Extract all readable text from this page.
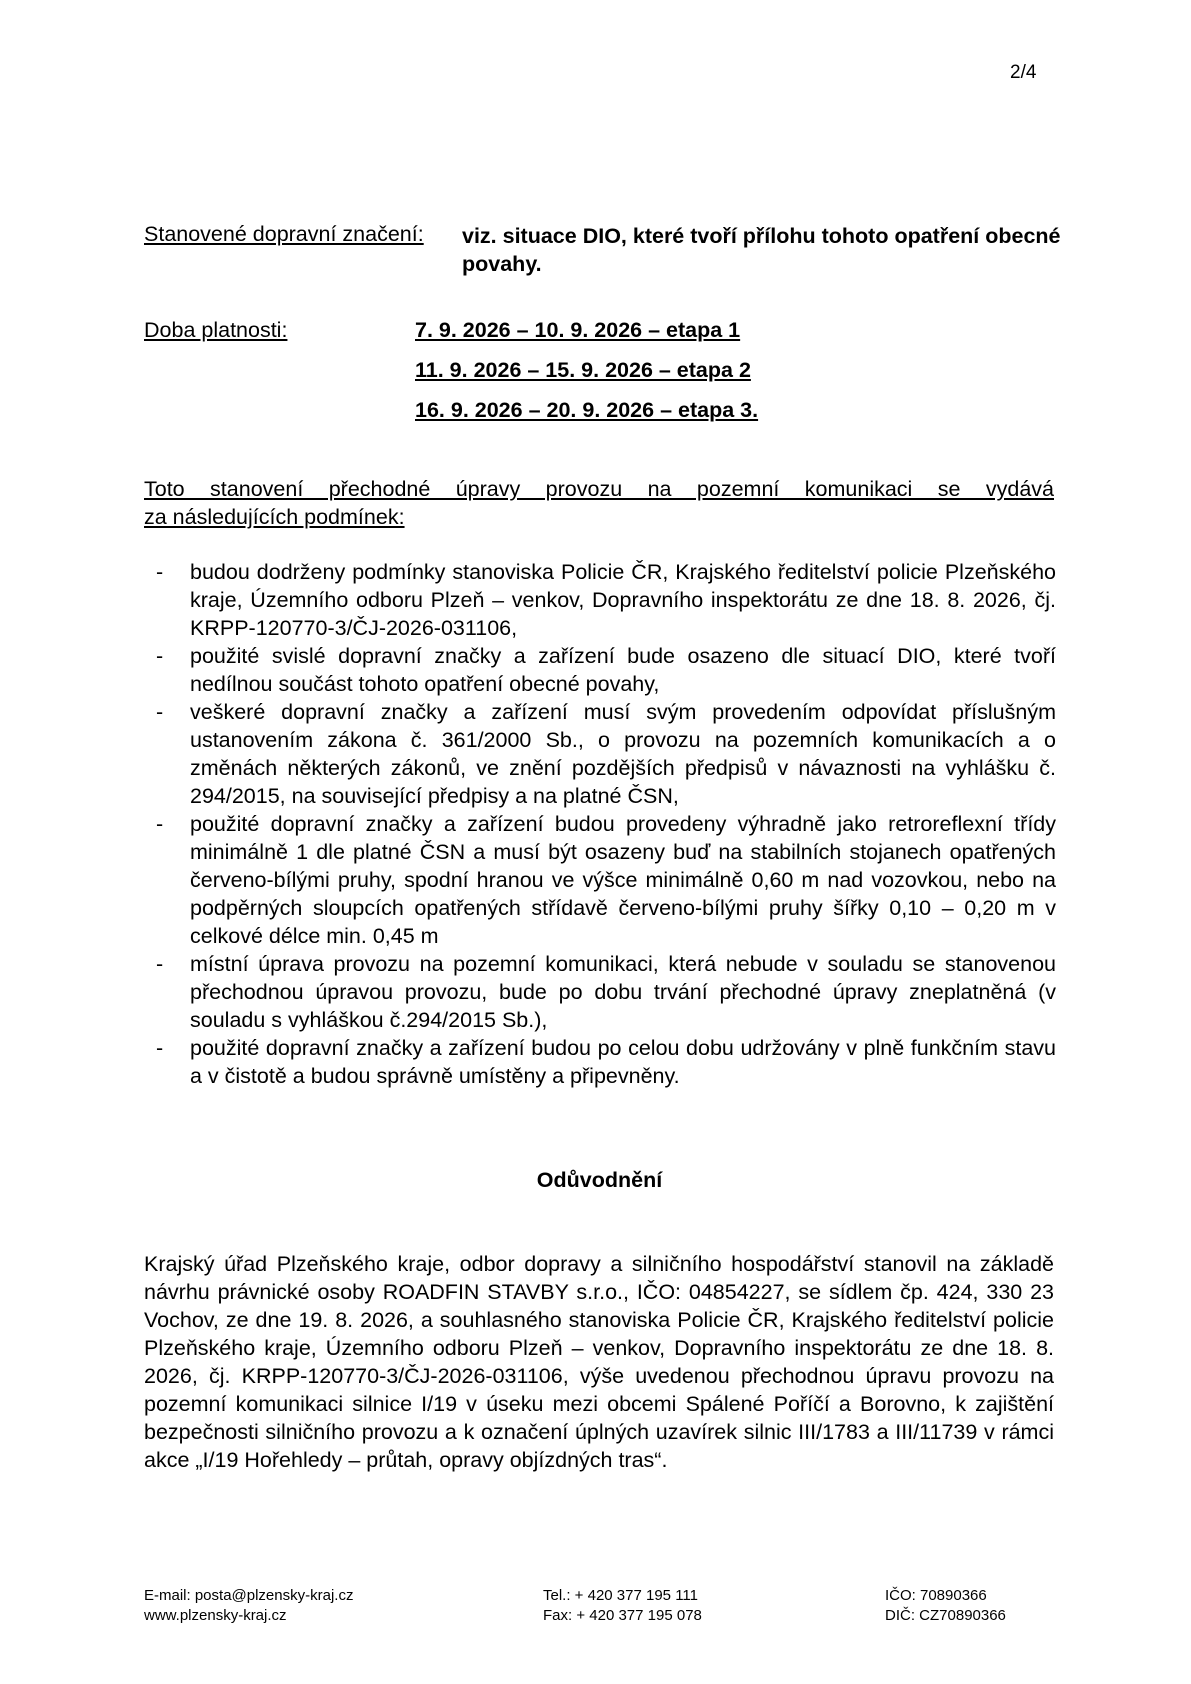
2/4
Stanovené dopravní značení: viz. situace DIO, které tvoří přílohu tohoto opatření obecné povahy.
Doba platnosti:	7. 9. 2026 – 10. 9. 2026 – etapa 1
11. 9. 2026 – 15. 9. 2026 – etapa 2
16. 9. 2026 – 20. 9. 2026 – etapa 3.
Toto stanovení přechodné úpravy provozu na pozemní komunikaci se vydává
za následujících podmínek:
- budou dodrženy podmínky stanoviska Policie ČR, Krajského ředitelství policie Plzeňského kraje, Územního odboru Plzeň – venkov, Dopravního inspektorátu ze dne 18. 8. 2026, čj. KRPP-120770-3/ČJ-2026-031106,
- použité svislé dopravní značky a zařízení bude osazeno dle situací DIO, které tvoří nedílnou součást tohoto opatření obecné povahy,
- veškeré dopravní značky a zařízení musí svým provedením odpovídat příslušným ustanovením zákona č. 361/2000 Sb., o provozu na pozemních komunikacích a o změnách některých zákonů, ve znění pozdějších předpisů v návaznosti na vyhlášku č. 294/2015, na související předpisy a na platné ČSN,
- použité dopravní značky a zařízení budou provedeny výhradně jako retroreflexní třídy minimálně 1 dle platné ČSN a musí být osazeny buď na stabilních stojanech opatřených červeno-bílými pruhy, spodní hranou ve výšce minimálně 0,60 m nad vozovkou, nebo na podpěrných sloupcích opatřených střídavě červeno-bílými pruhy šířky 0,10 – 0,20 m v celkové délce min. 0,45 m
- místní úprava provozu na pozemní komunikaci, která nebude v souladu se stanovenou přechodnou úpravou provozu, bude po dobu trvání přechodné úpravy zneplatněná (v souladu s vyhláškou č.294/2015 Sb.),
- použité dopravní značky a zařízení budou po celou dobu udržovány v plně funkčním stavu a v čistotě a budou správně umístěny a připevněny.
Odůvodnění
Krajský úřad Plzeňského kraje, odbor dopravy a silničního hospodářství stanovil na základě návrhu právnické osoby ROADFIN STAVBY s.r.o., IČO: 04854227, se sídlem čp. 424, 330 23 Vochov, ze dne 19. 8. 2026, a souhlasného stanoviska Policie ČR, Krajského ředitelství policie Plzeňského kraje, Územního odboru Plzeň – venkov, Dopravního inspektorátu ze dne 18. 8. 2026, čj. KRPP-120770-3/ČJ-2026-031106, výše uvedenou přechodnou úpravu provozu na pozemní komunikaci silnice I/19 v úseku mezi obcemi Spálené Poříčí a Borovno, k zajištění bezpečnosti silničního provozu a k označení úplných uzavírek silnic III/1783 a III/11739 v rámci akce „I/19 Hořehledy – průtah, opravy objízdných tras“.
E-mail: posta@plzensky-kraj.cz
www.plzensky-kraj.cz
Tel.: + 420 377 195 111
Fax: + 420 377 195 078
IČO: 70890366
DIČ: CZ70890366
